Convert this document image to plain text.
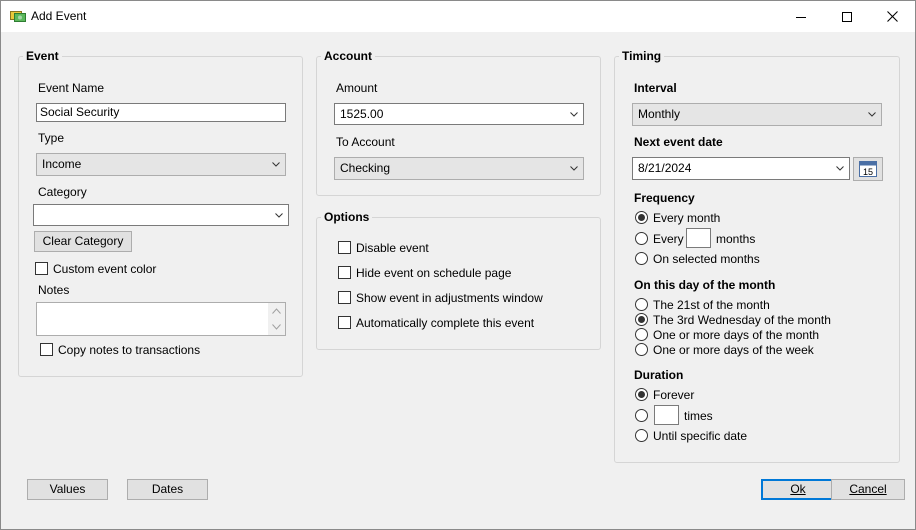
Add Event
Event
Event Name
Social Security
Type
Income
Category
Clear Category
Custom event color
Notes
Copy notes to transactions
Account
Amount
1525.00
To Account
Checking
Options
Disable event
Hide event on schedule page
Show event in adjustments window
Automatically complete this event
Timing
Interval
Monthly
Next event date
8/21/2024	15
Frequency
Every month
Every	months
On selected months
On this day of the month
The 21st of the month
The 3rd Wednesday of the month
One or more days of the month
One or more days of the week
Duration
Forever
times
Until specific date
Values	Dates	Ok	Cancel
